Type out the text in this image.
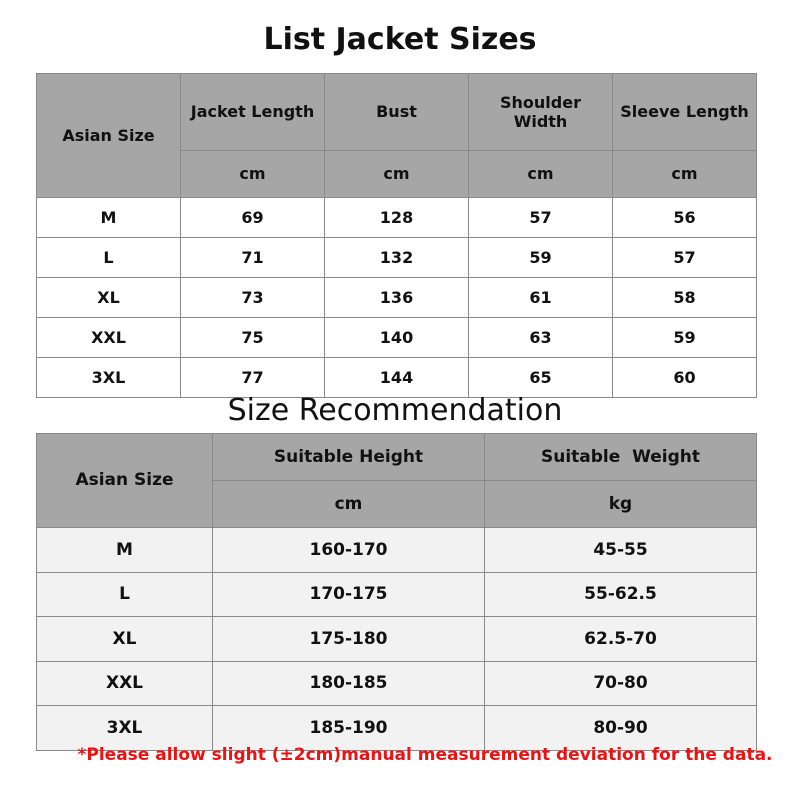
List Jacket Sizes
Asian Size	Jacket Length	Bust	Shoulder Width	Sleeve Length
	cm	cm	cm	cm
M	69	128	57	56
L	71	132	59	57
XL	73	136	61	58
XXL	75	140	63	59
3XL	77	144	65	60
Size Recommendation
Asian Size	Suitable Height	Suitable  Weight
	cm	kg
M	160-170	45-55
L	170-175	55-62.5
XL	175-180	62.5-70
XXL	180-185	70-80
3XL	185-190	80-90
*Please allow slight (±2cm)manual measurement deviation for the data.
